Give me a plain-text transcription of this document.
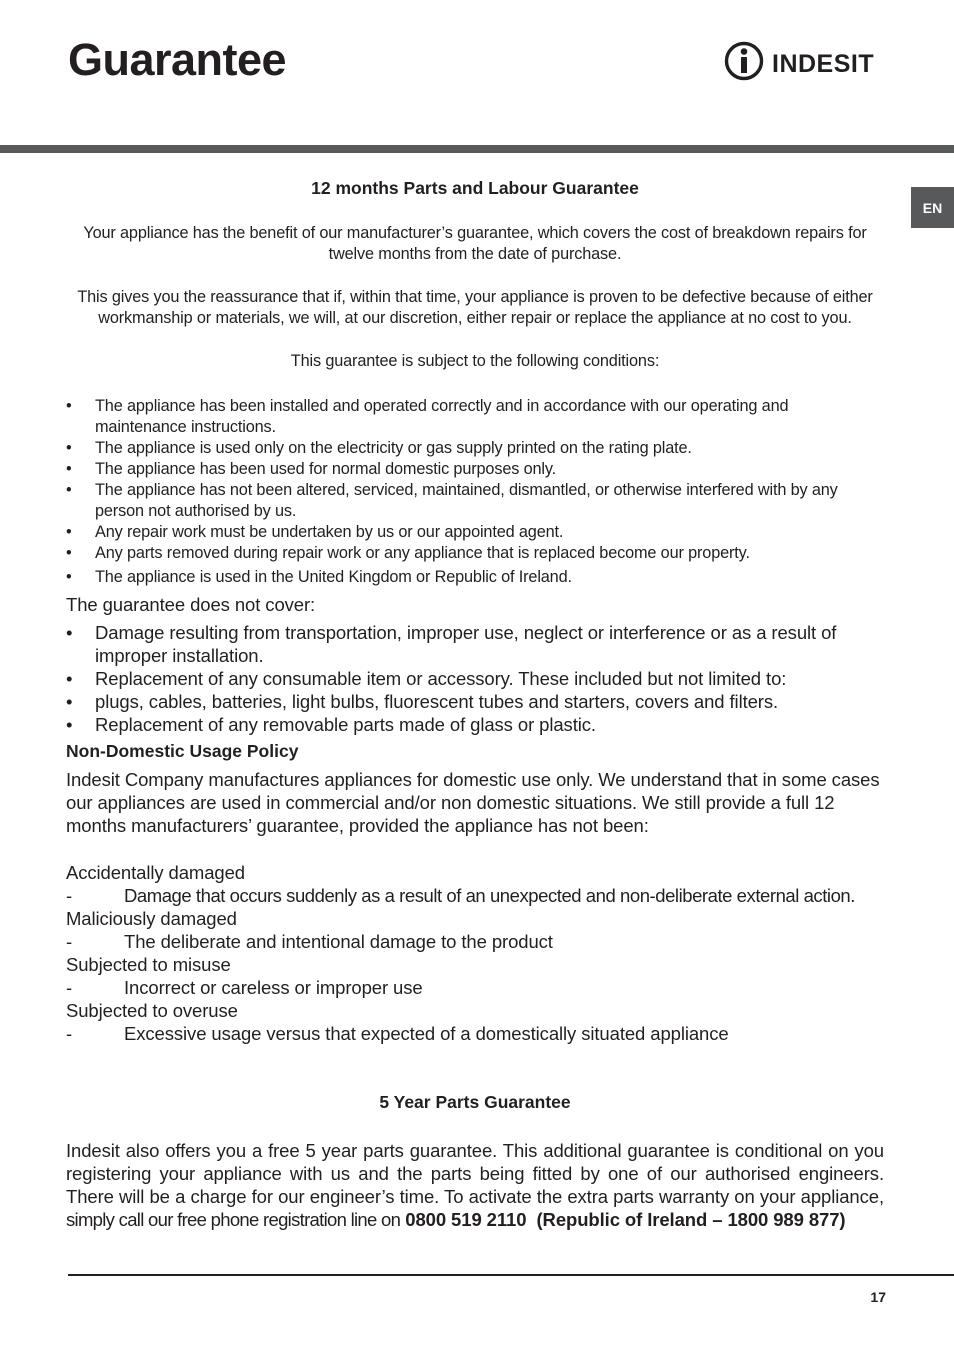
Guarantee	INDESIT
EN
12 months Parts and Labour Guarantee

Your appliance has the benefit of our manufacturer’s guarantee, which covers the cost of breakdown repairs for twelve months from the date of purchase.

This gives you the reassurance that if, within that time, your appliance is proven to be defective because of either workmanship or materials, we will, at our discretion, either repair or replace the appliance at no cost to you.

This guarantee is subject to the following conditions:

• The appliance has been installed and operated correctly and in accordance with our operating and maintenance instructions.
• The appliance is used only on the electricity or gas supply printed on the rating plate.
• The appliance has been used for normal domestic purposes only.
• The appliance has not been altered, serviced, maintained, dismantled, or otherwise interfered with by any person not authorised by us.
• Any repair work must be undertaken by us or our appointed agent.
• Any parts removed during repair work or any appliance that is replaced become our property.
• The appliance is used in the United Kingdom or Republic of Ireland.

The guarantee does not cover:

• Damage resulting from transportation, improper use, neglect or interference or as a result of improper installation.
• Replacement of any consumable item or accessory. These included but not limited to:
• plugs, cables, batteries, light bulbs, fluorescent tubes and starters, covers and filters.
• Replacement of any removable parts made of glass or plastic.
Non-Domestic Usage Policy

Indesit Company manufactures appliances for domestic use only. We understand that in some cases our appliances are used in commercial and/or non domestic situations. We still provide a full 12 months manufacturers’ guarantee, provided the appliance has not been:

Accidentally damaged
-	Damage that occurs suddenly as a result of an unexpected and non-deliberate external action.
Maliciously damaged
-	The deliberate and intentional damage to the product
Subjected to misuse
-	Incorrect or careless or improper use
Subjected to overuse
-	Excessive usage versus that expected of a domestically situated appliance
5 Year Parts Guarantee

Indesit also offers you a free 5 year parts guarantee. This additional guarantee is conditional on you registering your appliance with us and the parts being fitted by one of our authorised engineers. There will be a charge for our engineer’s time. To activate the extra parts warranty on your appliance,

simply call our free phone registration line on 0800 519 2110 (Republic of Ireland – 1800 989 877)

17
